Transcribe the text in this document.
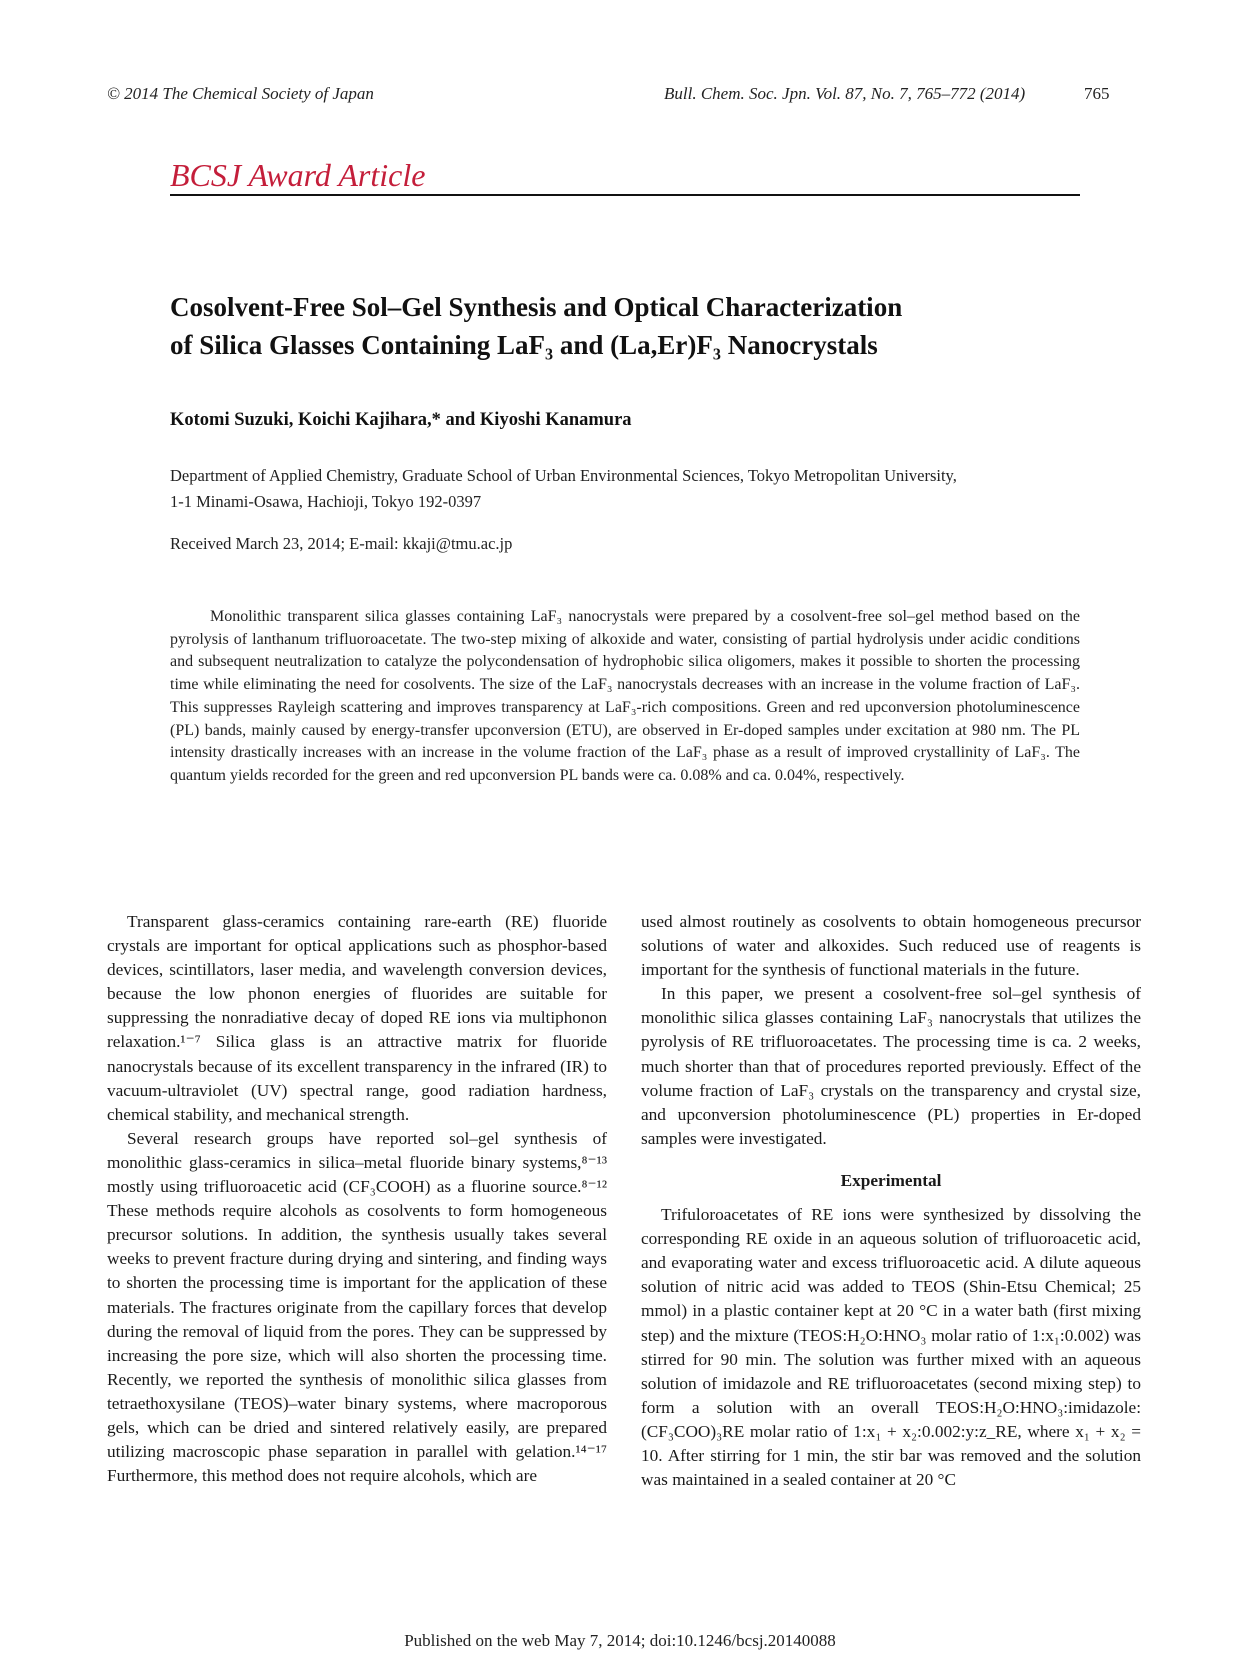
© 2014 The Chemical Society of Japan	Bull. Chem. Soc. Jpn. Vol. 87, No. 7, 765–772 (2014)	765
BCSJ Award Article
Cosolvent-Free Sol–Gel Synthesis and Optical Characterization
of Silica Glasses Containing LaF₃ and (La,Er)F₃ Nanocrystals
Kotomi Suzuki, Koichi Kajihara,* and Kiyoshi Kanamura
Department of Applied Chemistry, Graduate School of Urban Environmental Sciences, Tokyo Metropolitan University,
1-1 Minami-Osawa, Hachioji, Tokyo 192-0397
Received March 23, 2014; E-mail: kkaji@tmu.ac.jp

Monolithic transparent silica glasses containing LaF₃ nanocrystals were prepared by a cosolvent-free sol–gel method based on the pyrolysis of lanthanum trifluoroacetate. The two-step mixing of alkoxide and water, consisting of partial hydrolysis under acidic conditions and subsequent neutralization to catalyze the polycondensation of hydrophobic silica oligomers, makes it possible to shorten the processing time while eliminating the need for cosolvents. The size of the LaF₃ nanocrystals decreases with an increase in the volume fraction of LaF₃. This suppresses Rayleigh scattering and improves transparency at LaF₃-rich compositions. Green and red upconversion photoluminescence (PL) bands, mainly caused by energy-transfer upconversion (ETU), are observed in Er-doped samples under excitation at 980 nm. The PL intensity drastically increases with an increase in the volume fraction of the LaF₃ phase as a result of improved crystallinity of LaF₃. The quantum yields recorded for the green and red upconversion PL bands were ca. 0.08% and ca. 0.04%, respectively.

Transparent glass-ceramics containing rare-earth (RE) fluoride crystals are important for optical applications such as phosphor-based devices, scintillators, laser media, and wavelength conversion devices, because the low phonon energies of fluorides are suitable for suppressing the nonradiative decay of doped RE ions via multiphonon relaxation.¹⁻⁷ Silica glass is an attractive matrix for fluoride nanocrystals because of its excellent transparency in the infrared (IR) to vacuum-ultraviolet (UV) spectral range, good radiation hardness, chemical stability, and mechanical strength.

Several research groups have reported sol–gel synthesis of monolithic glass-ceramics in silica–metal fluoride binary systems,⁸⁻¹³ mostly using trifluoroacetic acid (CF₃COOH) as a fluorine source.⁸⁻¹² These methods require alcohols as cosolvents to form homogeneous precursor solutions. In addition, the synthesis usually takes several weeks to prevent fracture during drying and sintering, and finding ways to shorten the processing time is important for the application of these materials. The fractures originate from the capillary forces that develop during the removal of liquid from the pores. They can be suppressed by increasing the pore size, which will also shorten the processing time. Recently, we reported the synthesis of monolithic silica glasses from tetraethoxysilane (TEOS)–water binary systems, where macroporous gels, which can be dried and sintered relatively easily, are prepared utilizing macroscopic phase separation in parallel with gelation.¹⁴⁻¹⁷ Furthermore, this method does not require alcohols, which are

used almost routinely as cosolvents to obtain homogeneous precursor solutions of water and alkoxides. Such reduced use of reagents is important for the synthesis of functional materials in the future.

In this paper, we present a cosolvent-free sol–gel synthesis of monolithic silica glasses containing LaF₃ nanocrystals that utilizes the pyrolysis of RE trifluoroacetates. The processing time is ca. 2 weeks, much shorter than that of procedures reported previously. Effect of the volume fraction of LaF₃ crystals on the transparency and crystal size, and upconversion photoluminescence (PL) properties in Er-doped samples were investigated.

Experimental

Trifuloroacetates of RE ions were synthesized by dissolving the corresponding RE oxide in an aqueous solution of trifluoroacetic acid, and evaporating water and excess trifluoroacetic acid. A dilute aqueous solution of nitric acid was added to TEOS (Shin-Etsu Chemical; 25 mmol) in a plastic container kept at 20 °C in a water bath (first mixing step) and the mixture (TEOS:H₂O:HNO₃ molar ratio of 1:x₁:0.002) was stirred for 90 min. The solution was further mixed with an aqueous solution of imidazole and RE trifluoroacetates (second mixing step) to form a solution with an overall TEOS:H₂O:HNO₃:imidazole:(CF₃COO)₃RE molar ratio of 1:x₁ + x₂:0.002:y:z_RE, where x₁ + x₂ = 10. After stirring for 1 min, the stir bar was removed and the solution was maintained in a sealed container at 20 °C

Published on the web May 7, 2014; doi:10.1246/bcsj.20140088
